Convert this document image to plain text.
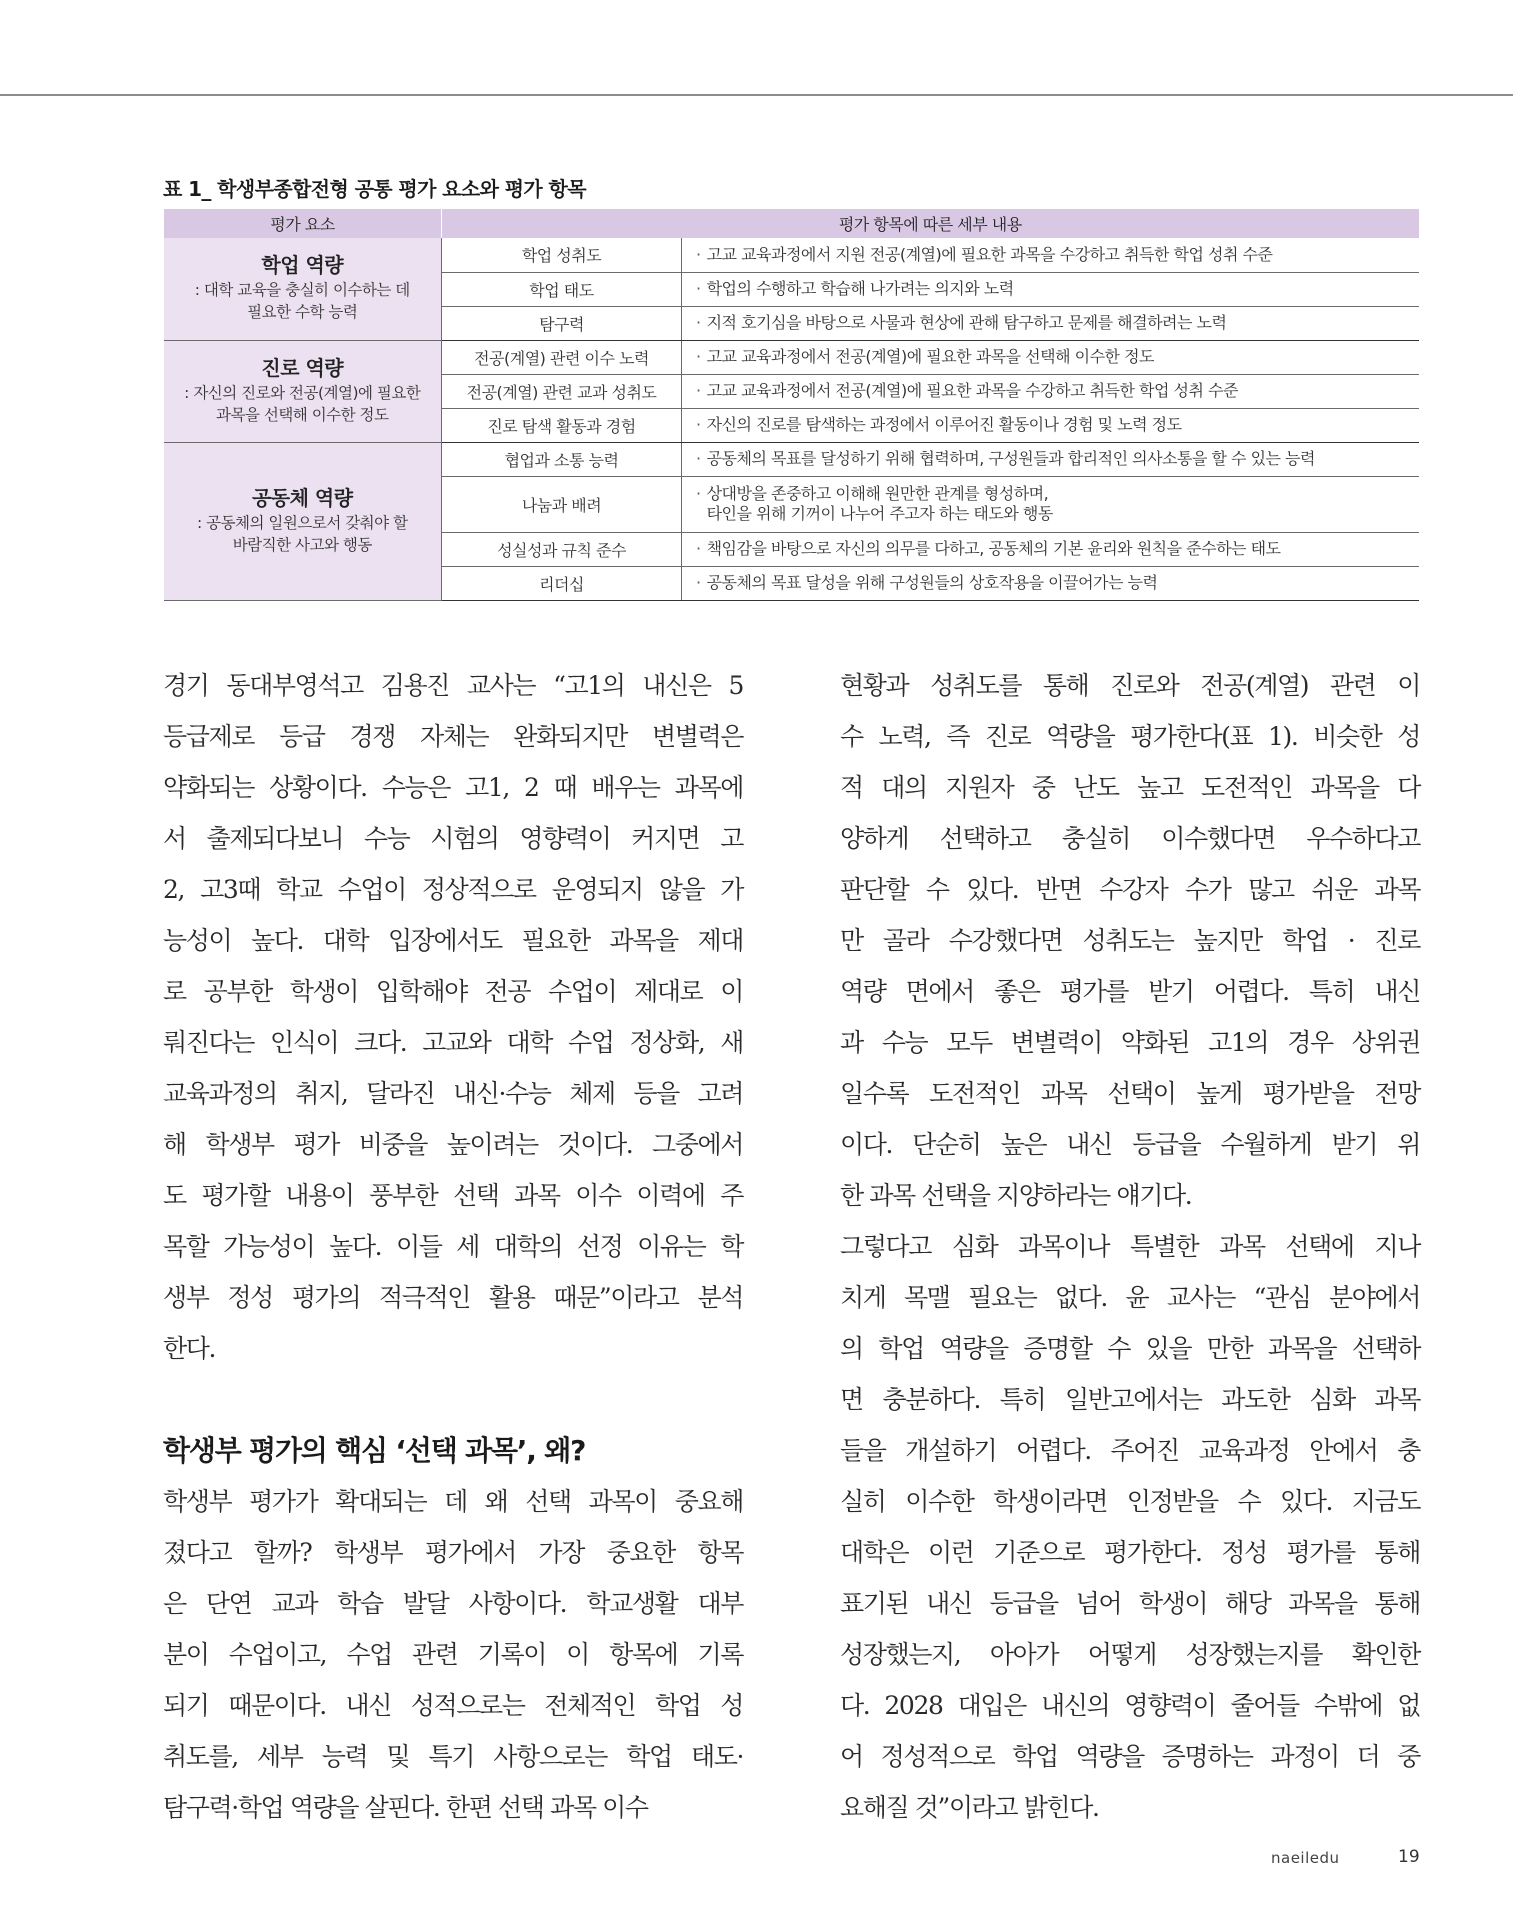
표 1_ 학생부종합전형 공통 평가 요소와 평가 항목
평가 요소	평가 항목에 따른 세부 내용	

학업 역량
: 대학 교육을 충실히 이수하는 데
필요한 수학 능력	학업 성취도	· 고교 교육과정에서 지원 전공(계열)에 필요한 과목을 수강하고 취득한 학업 성취 수준

	학업 태도	· 학업의 수행하고 학습해 나가려는 의지와 노력

	탐구력	· 지적 호기심을 바탕으로 사물과 현상에 관해 탐구하고 문제를 해결하려는 노력

진로 역량
: 자신의 진로와 전공(계열)에 필요한
과목을 선택해 이수한 정도	전공(계열) 관련 이수 노력	· 고교 교육과정에서 전공(계열)에 필요한 과목을 선택해 이수한 정도

	전공(계열) 관련 교과 성취도	· 고교 교육과정에서 전공(계열)에 필요한 과목을 수강하고 취득한 학업 성취 수준

	진로 탐색 활동과 경험	· 자신의 진로를 탐색하는 과정에서 이루어진 활동이나 경험 및 노력 정도

공동체 역량
: 공동체의 일원으로서 갖춰야 할
바람직한 사고와 행동	협업과 소통 능력	· 공동체의 목표를 달성하기 위해 협력하며, 구성원들과 합리적인 의사소통을 할 수 있는 능력

	나눔과 배려	· 상대방을 존중하고 이해해 원만한 관계를 형성하며,
타인을 위해 기꺼이 나누어 주고자 하는 태도와 행동

	성실성과 규칙 준수	· 책임감을 바탕으로 자신의 의무를 다하고, 공동체의 기본 윤리와 원칙을 준수하는 태도

	리더십	· 공동체의 목표 달성을 위해 구성원들의 상호작용을 이끌어가는 능력

경기 동대부영석고 김용진 교사는 “고1의 내신은 5

등급제로 등급 경쟁 자체는 완화되지만 변별력은

약화되는 상황이다. 수능은 고1, 2 때 배우는 과목에

서 출제되다보니 수능 시험의 영향력이 커지면 고

2, 고3때 학교 수업이 정상적으로 운영되지 않을 가

능성이 높다. 대학 입장에서도 필요한 과목을 제대

로 공부한 학생이 입학해야 전공 수업이 제대로 이

뤄진다는 인식이 크다. 고교와 대학 수업 정상화, 새

교육과정의 취지, 달라진 내신·수능 체제 등을 고려

해 학생부 평가 비중을 높이려는 것이다. 그중에서

도 평가할 내용이 풍부한 선택 과목 이수 이력에 주

목할 가능성이 높다. 이들 세 대학의 선정 이유는 학

생부 정성 평가의 적극적인 활용 때문”이라고 분석

한다.

학생부 평가의 핵심 ‘선택 과목’, 왜?

학생부 평가가 확대되는 데 왜 선택 과목이 중요해

졌다고 할까? 학생부 평가에서 가장 중요한 항목

은 단연 교과 학습 발달 사항이다. 학교생활 대부

분이 수업이고, 수업 관련 기록이 이 항목에 기록

되기 때문이다. 내신 성적으로는 전체적인 학업 성

취도를, 세부 능력 및 특기 사항으로는 학업 태도·

탐구력·학업 역량을 살핀다. 한편 선택 과목 이수

현황과 성취도를 통해 진로와 전공(계열) 관련 이

수 노력, 즉 진로 역량을 평가한다(표 1). 비슷한 성

적 대의 지원자 중 난도 높고 도전적인 과목을 다

양하게 선택하고 충실히 이수했다면 우수하다고

판단할 수 있다. 반면 수강자 수가 많고 쉬운 과목

만 골라 수강했다면 성취도는 높지만 학업 · 진로

역량 면에서 좋은 평가를 받기 어렵다. 특히 내신

과 수능 모두 변별력이 약화된 고1의 경우 상위권

일수록 도전적인 과목 선택이 높게 평가받을 전망

이다. 단순히 높은 내신 등급을 수월하게 받기 위

한 과목 선택을 지양하라는 얘기다.

그렇다고 심화 과목이나 특별한 과목 선택에 지나

치게 목맬 필요는 없다. 윤 교사는 “관심 분야에서

의 학업 역량을 증명할 수 있을 만한 과목을 선택하

면 충분하다. 특히 일반고에서는 과도한 심화 과목

들을 개설하기 어렵다. 주어진 교육과정 안에서 충

실히 이수한 학생이라면 인정받을 수 있다. 지금도

대학은 이런 기준으로 평가한다. 정성 평가를 통해

표기된 내신 등급을 넘어 학생이 해당 과목을 통해

성장했는지, 아아가 어떻게 성장했는지를 확인한

다. 2028 대입은 내신의 영향력이 줄어들 수밖에 없

어 정성적으로 학업 역량을 증명하는 과정이 더 중

요해질 것”이라고 밝힌다.

naeiledu	19
